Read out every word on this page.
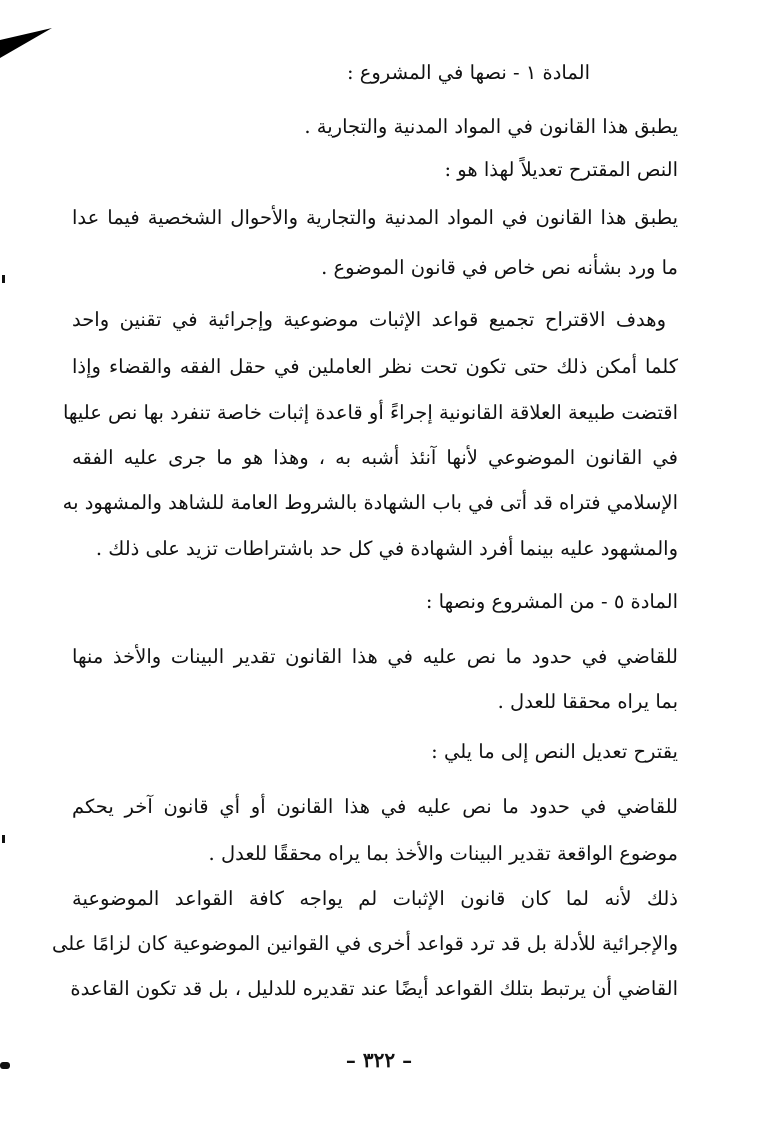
المادة ١ - نصها في المشروع :
يطبق هذا القانون في المواد المدنية والتجارية .
النص المقترح تعديلاً لهذا هو :
يطبق هذا القانون في المواد المدنية والتجارية والأحوال الشخصية فيما عدا
ما ورد بشأنه نص خاص في قانون الموضوع .
وهدف الاقتراح تجميع قواعد الإثبات موضوعية وإجرائية في تقنين واحد
كلما أمكن ذلك حتى تكون تحت نظر العاملين في حقل الفقه والقضاء وإذا
اقتضت طبيعة العلاقة القانونية إجراءً أو قاعدة إثبات خاصة تنفرد بها نص عليها
في القانون الموضوعي لأنها آنئذ أشبه به ، وهذا هو ما جرى عليه الفقه
الإسلامي فتراه قد أتى في باب الشهادة بالشروط العامة للشاهد والمشهود به
والمشهود عليه بينما أفرد الشهادة في كل حد باشتراطات تزيد على ذلك .
المادة ٥ - من المشروع ونصها :
للقاضي في حدود ما نص عليه في هذا القانون تقدير البينات والأخذ منها
بما يراه محققا للعدل .
يقترح تعديل النص إلى ما يلي :
للقاضي في حدود ما نص عليه في هذا القانون أو أي قانون آخر يحكم
موضوع الواقعة تقدير البينات والأخذ بما يراه محققًا للعدل .
ذلك لأنه لما كان قانون الإثبات لم يواجه كافة القواعد الموضوعية
والإجرائية للأدلة بل قد ترد قواعد أخرى في القوانين الموضوعية كان لزامًا على
القاضي أن يرتبط بتلك القواعد أيضًا عند تقديره للدليل ، بل قد تكون القاعدة
– ٣٢٢ –
